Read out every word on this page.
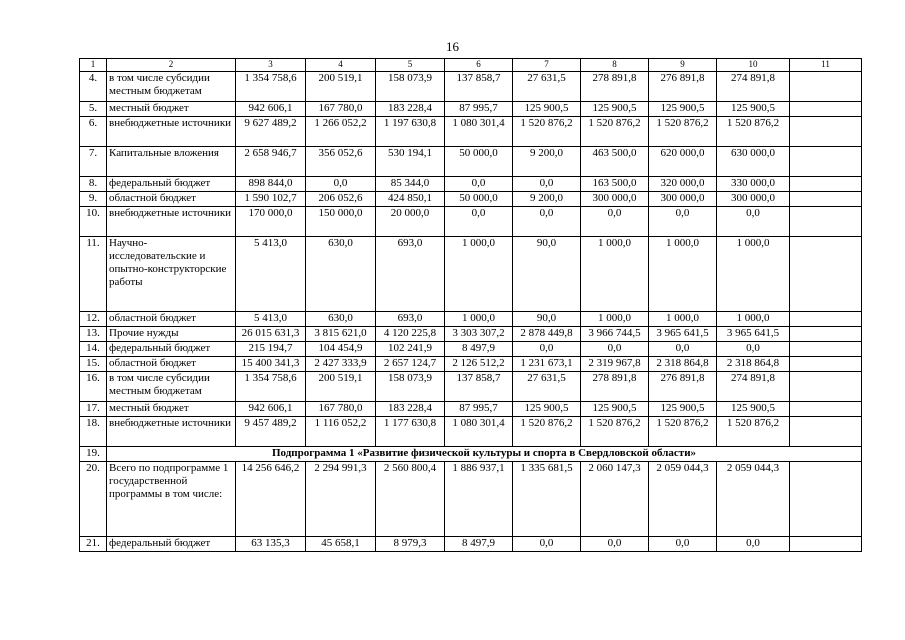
16
1	2	3	4	5	6	7	8	9	10	11
4.	в том числе субсидии местным бюджетам	1 354 758,6	200 519,1	158 073,9	137 858,7	27 631,5	278 891,8	276 891,8	274 891,8	
5.	местный бюджет	942 606,1	167 780,0	183 228,4	87 995,7	125 900,5	125 900,5	125 900,5	125 900,5	
6.	внебюджетные источники	9 627 489,2	1 266 052,2	1 197 630,8	1 080 301,4	1 520 876,2	1 520 876,2	1 520 876,2	1 520 876,2	
7.	Капитальные вложения	2 658 946,7	356 052,6	530 194,1	50 000,0	9 200,0	463 500,0	620 000,0	630 000,0	
8.	федеральный бюджет	898 844,0	0,0	85 344,0	0,0	0,0	163 500,0	320 000,0	330 000,0	
9.	областной бюджет	1 590 102,7	206 052,6	424 850,1	50 000,0	9 200,0	300 000,0	300 000,0	300 000,0	
10.	внебюджетные источники	170 000,0	150 000,0	20 000,0	0,0	0,0	0,0	0,0	0,0	
11.	Научно-исследовательские и опытно-конструкторские работы	5 413,0	630,0	693,0	1 000,0	90,0	1 000,0	1 000,0	1 000,0	
12.	областной бюджет	5 413,0	630,0	693,0	1 000,0	90,0	1 000,0	1 000,0	1 000,0	
13.	Прочие нужды	26 015 631,3	3 815 621,0	4 120 225,8	3 303 307,2	2 878 449,8	3 966 744,5	3 965 641,5	3 965 641,5	
14.	федеральный бюджет	215 194,7	104 454,9	102 241,9	8 497,9	0,0	0,0	0,0	0,0	
15.	областной бюджет	15 400 341,3	2 427 333,9	2 657 124,7	2 126 512,2	1 231 673,1	2 319 967,8	2 318 864,8	2 318 864,8	
16.	в том числе субсидии местным бюджетам	1 354 758,6	200 519,1	158 073,9	137 858,7	27 631,5	278 891,8	276 891,8	274 891,8	
17.	местный бюджет	942 606,1	167 780,0	183 228,4	87 995,7	125 900,5	125 900,5	125 900,5	125 900,5	
18.	внебюджетные источники	9 457 489,2	1 116 052,2	1 177 630,8	1 080 301,4	1 520 876,2	1 520 876,2	1 520 876,2	1 520 876,2	
19.	Подпрограмма 1 «Развитие физической культуры и спорта в Свердловской области»									
20.	Всего по подпрограмме 1 государственной программы в том числе:	14 256 646,2	2 294 991,3	2 560 800,4	1 886 937,1	1 335 681,5	2 060 147,3	2 059 044,3	2 059 044,3	
21.	федеральный бюджет	63 135,3	45 658,1	8 979,3	8 497,9	0,0	0,0	0,0	0,0	
